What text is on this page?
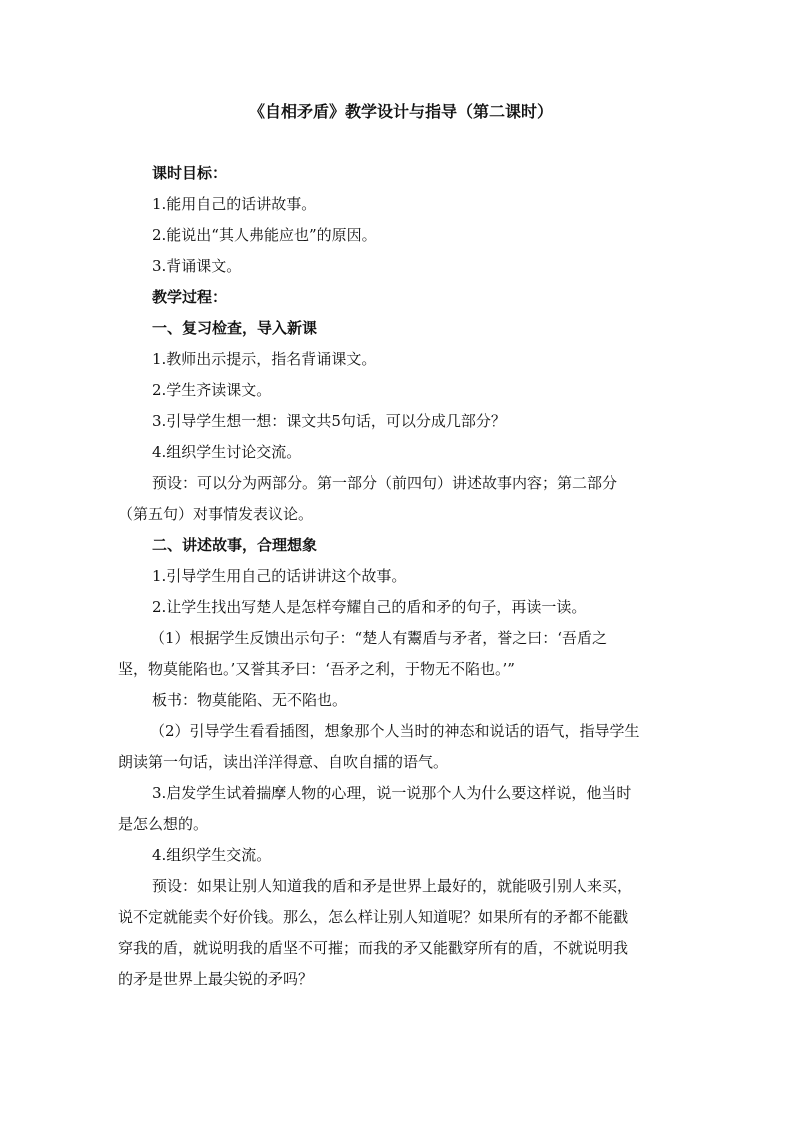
《自相矛盾》教学设计与指导（第二课时）

课时目标：

1.能用自己的话讲故事。

2.能说出“其人弗能应也”的原因。

3.背诵课文。

教学过程：

一、复习检查，导入新课

1.教师出示提示，指名背诵课文。

2.学生齐读课文。

3.引导学生想一想：课文共5句话，可以分成几部分？

4.组织学生讨论交流。

预设：可以分为两部分。第一部分（前四句）讲述故事内容；第二部分

（第五句）对事情发表议论。

二、讲述故事，合理想象

1.引导学生用自己的话讲讲这个故事。

2.让学生找出写楚人是怎样夸耀自己的盾和矛的句子，再读一读。

（1）根据学生反馈出示句子：“楚人有鬻盾与矛者，誉之曰：‘吾盾之

坚，物莫能陷也。’又誉其矛曰：‘吾矛之利，于物无不陷也。’”

板书：物莫能陷、无不陷也。

（2）引导学生看看插图，想象那个人当时的神态和说话的语气，指导学生

朗读第一句话，读出洋洋得意、自吹自擂的语气。

3.启发学生试着揣摩人物的心理，说一说那个人为什么要这样说，他当时

是怎么想的。

4.组织学生交流。

预设：如果让别人知道我的盾和矛是世界上最好的，就能吸引别人来买，

说不定就能卖个好价钱。那么，怎么样让别人知道呢？如果所有的矛都不能戳

穿我的盾，就说明我的盾坚不可摧；而我的矛又能戳穿所有的盾，不就说明我

的矛是世界上最尖锐的矛吗？
